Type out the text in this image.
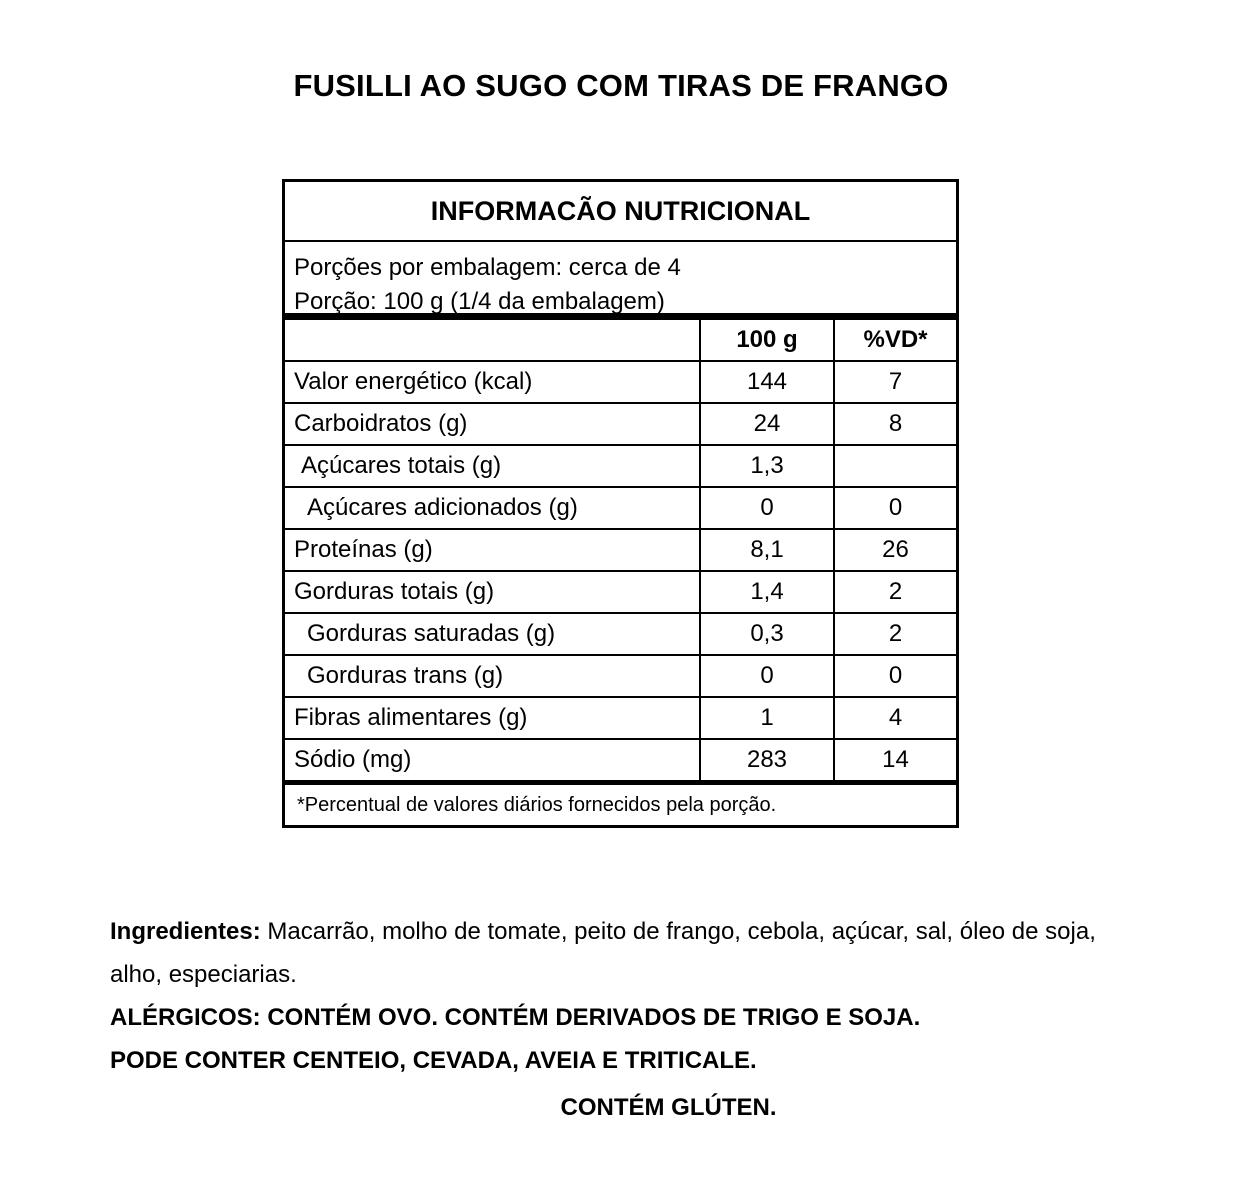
FUSILLI AO SUGO COM TIRAS DE FRANGO
INFORMACÃO NUTRICIONAL
Porções por embalagem: cerca de 4
Porção: 100 g (1/4 da embalagem)
	100 g	%VD*
Valor energético (kcal)	144	7
Carboidratos (g)	24	8
Açúcares totais (g)	1,3	
Açúcares adicionados (g)	0	0
Proteínas (g)	8,1	26
Gorduras totais (g)	1,4	2
Gorduras saturadas (g)	0,3	2
Gorduras trans (g)	0	0
Fibras alimentares (g)	1	4
Sódio (mg)	283	14
*Percentual de valores diários fornecidos pela porção.
Ingredientes: Macarrão, molho de tomate, peito de frango, cebola, açúcar, sal, óleo de soja, alho, especiarias.
ALÉRGICOS: CONTÉM OVO. CONTÉM DERIVADOS DE TRIGO E SOJA.
PODE CONTER CENTEIO, CEVADA, AVEIA E TRITICALE.
CONTÉM GLÚTEN.
